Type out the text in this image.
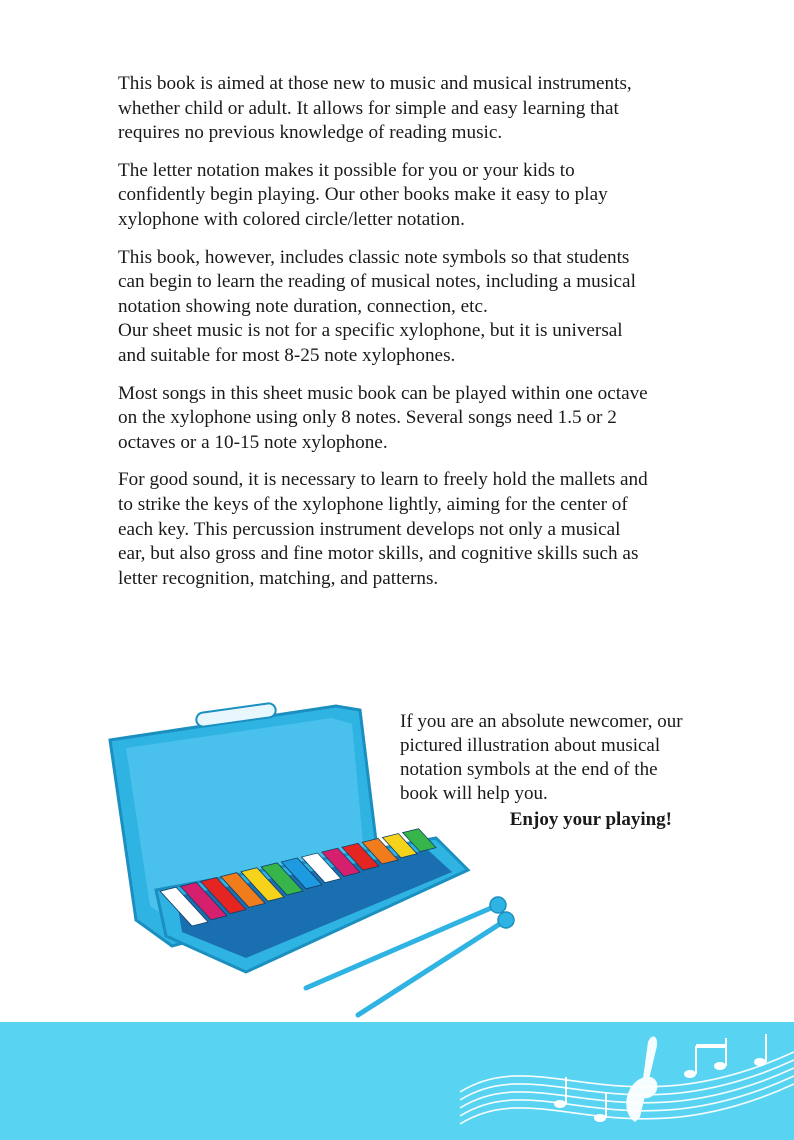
This book is aimed at those new to music and musical instruments, whether child or adult. It allows for simple and easy learning that requires no previous knowledge of reading music.

The letter notation makes it possible for you or your kids to confidently begin playing. Our other books make it easy to play xylophone with colored circle/letter notation.

This book, however, includes classic note symbols so that students can begin to learn the reading of musical notes, including a musical notation showing note duration, connection, etc.

Our sheet music is not for a specific xylophone, but it is universal and suitable for most 8-25 note xylophones.

Most songs in this sheet music book can be played within one octave on the xylophone using only 8 notes. Several songs need 1.5 or 2 octaves or a 10-15 note xylophone.

For good sound, it is necessary to learn to freely hold the mallets and to strike the keys of the xylophone lightly, aiming for the center of each key. This percussion instrument develops not only a musical ear, but also gross and fine motor skills, and cognitive skills such as letter recognition, matching, and patterns.

If you are an absolute newcomer, our pictured illustration about musical notation symbols at the end of the book will help you.

Enjoy your playing!
